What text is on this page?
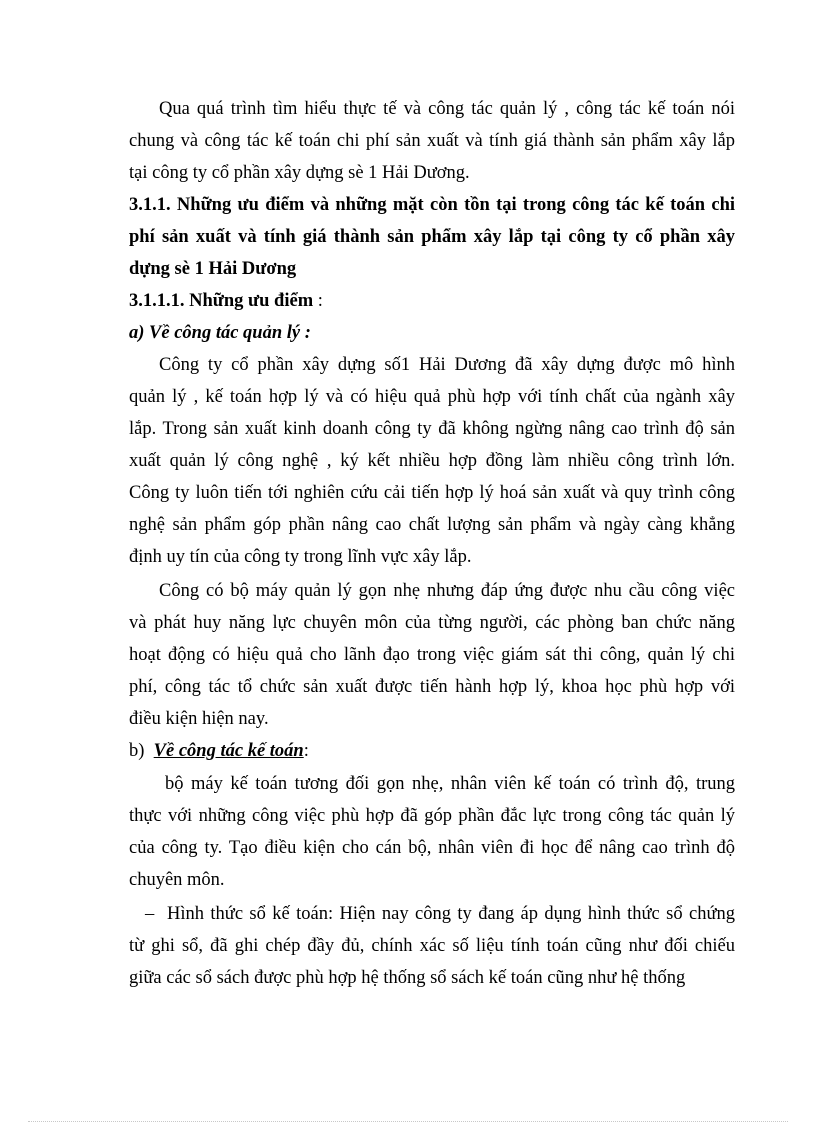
Qua quá trình tìm hiểu thực tế và công tác quản lý , công tác kế toán nói
chung và công tác kế toán chi phí sản xuất và tính giá thành sản phẩm xây lắp
tại công ty cổ phần xây dựng sè 1 Hải Dương.
3.1.1. Những ưu điểm và những mặt còn tồn tại trong công tác kế toán chi
phí sản xuất và tính giá thành sản phẩm xây lắp tại công ty cổ phần xây
dựng sè 1 Hải Dương
3.1.1.1. Những ưu điểm :
a) Về công tác quản lý :
Công ty cổ phần xây dựng số1 Hải Dương đã xây dựng được mô hình
quản lý , kế toán hợp lý và có hiệu quả phù hợp với tính chất của ngành xây
lắp. Trong sản xuất kinh doanh công ty đã không ngừng nâng cao trình độ sản
xuất quản lý công nghệ , ký kết nhiều hợp đồng làm nhiều công trình lớn.
Công ty luôn tiến tới nghiên cứu cải tiến hợp lý hoá sản xuất và quy trình công
nghệ sản phẩm góp phần nâng cao chất lượng sản phẩm và ngày càng khẳng
định uy tín của công ty trong lĩnh vực xây lắp.
Công có bộ máy quản lý gọn nhẹ nhưng đáp ứng được nhu cầu công việc
và phát huy năng lực chuyên môn của từng người, các phòng ban chức năng
hoạt động có hiệu quả cho lãnh đạo trong việc giám sát thi công, quản lý chi
phí, công tác tổ chức sản xuất được tiến hành hợp lý, khoa học phù hợp với
điều kiện hiện nay.
b) Về công tác kế toán:
bộ máy kế toán tương đối gọn nhẹ, nhân viên kế toán có trình độ, trung
thực với những công việc phù hợp đã góp phần đắc lực trong công tác quản lý
của công ty. Tạo điều kiện cho cán bộ, nhân viên đi học để nâng cao trình độ
chuyên môn.
– Hình thức sổ kế toán: Hiện nay công ty đang áp dụng hình thức sổ chứng
từ ghi sổ, đã ghi chép đầy đủ, chính xác số liệu tính toán cũng như đối chiếu
giữa các sổ sách được phù hợp hệ thống sổ sách kế toán cũng như hệ thống
